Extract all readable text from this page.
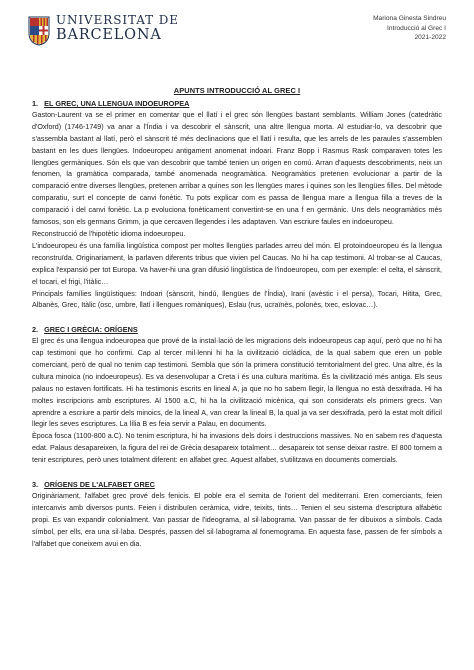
UNIVERSITAT DE
BARCELONA
Mariona Ginesta Sindreu
Introducció al Grec I
2021-2022
APUNTS INTRODUCCIÓ AL GREC I
1. EL GREC, UNA LLENGUA INDOEUROPEA

Gaston-Laurent va se el primer en comentar que el llatí i el grec són llengües bastant semblants. William Jones (catedràtic d'Oxford) (1746-1749) va anar a l'Índia i va descobrir el sànscrit, una altre llengua morta. Al estudiar-lo, va descobrir que s'assembla bastant al llatí, però el sànscrit té més declinacions que el llatí i resulta, que les arrels de les paraules s'assemblen bastant en les dues llengües. Indoeuropeu antigament anomenat indoari. Franz Bopp i Rasmus Rask comparaven totes les llengües germàniques. Són els que van descobrir que també tenien un origen en comú. Arran d'aquests descobriments, neix un fenomen, la gramàtica comparada, també anomenada neogramàtica. Neogramàtics pretenen evolucionar a partir de la comparació entre diverses llengües, pretenen arribar a quines son les llengües mares i quines son les llengües filles. Del mètode comparatiu, surt el concepte de canvi fonètic. Tu pots explicar com es passa de llengua mare a llengua filla a treves de la comparació i del canvi fonètic. La p evoluciona fonèticament convertint-se en una f en germànic. Uns dels neogramàtics més famosos, son els germans Grimm, ja que cercaven llegendes i les adaptaven. Van escriure faules en indoeuropeu.

Reconstrucció de l'hipotètic idioma indoeuropeu.

L'indoeuropeu és una família lingüística compost per moltes llengües parlades arreu del món. El protoindoeuropeu és la llengua reconstruïda. Originariament, la parlaven diferents tribus que vivien pel Caucas. No hi ha cap testimoni. Al trobar-se al Caucas, explica l'expansió per tot Europa. Va haver-hi una gran difusió lingüística de l'indoeuropeu, com per exemple: el celta, el sànscrit, el tocari, el frigi, l'itàlic…

Principals famílies lingüístiques: Indoari (sànscrit, hindú, llengües de l'Índia), Irani (avèstic i el persa), Tocari, Hitita, Grec, Albanès, Grec, Itàlic (osc, umbre, llatí i llengues romàniques), Eslau (rus, ucraïnès, polonès, txec, eslovac…).

2. GREC I GRÈCIA: ORÍGENS

El grec és una llengua indoeuropea que prové de la instal·lació de les migracions dels indoeuropeus cap aquí, però que no hi ha cap testimoni que ho confirmi. Cap al tercer mil·lenni hi ha la civilització cicládica, de la qual sabem que eren un poble comerciant, però de qual no tenim cap testimoni. Sembla que són la primera constitució territorialment del grec. Una altre, és la cultura minoica (no indoeuropeus). Es va desenvolupar a Creta i és una cultura marítima. És la civilització més antiga. Els seus palaus no estaven fortificats. Hi ha testimonis escrits en lineal A, ja que no ho sabem llegir, la llengua no està desxifrada. Hi ha moltes inscripcions amb escriptures. Al 1500 a.C, hi ha la civilització micènica, qui son considerats els primers grecs. Van aprendre a escriure a partir dels minoics, de la lineal A, van crear la lineal B, la qual ja va ser desxifrada, però la estat molt difícil llegir les seves escriptures. La lília B es feia servir a Palau, en documents.

Època fosca (1100-800 a.C). No tenim escriptura, hi ha invasions dels doirs i destruccions massives. No en sabem res d'aquesta edat. Palaus desapareixen, la figura del rei de Grècia desapareix totalment… desapareix tot sense deixar rastre. El 800 tornem a tenir escriptures, però unes totalment diferent: en alfabet grec. Aquest alfabet, s'utilitzava en documents comercials.

3. ORÍGENS DE L'ALFABET GREC

Originàriament, l'alfabet grec prové dels fenicis. El poble era el semita de l'orient del mediterrani. Eren comerciants, feien intercanvis amb diversos punts. Feien i distribuïen ceràmica, vidre, teixits, tints… Tenien el seu sistema d'escriptura alfabètic propi. Es van expandir colonialment. Van passar de l'ideograma, al sil·labograma. Van passar de fer dibuixos a símbols. Cada símbol, per ells, era una sil·laba. Després, passen del sil·labograma al fonemograma. En aquesta fase, passen de fer símbols a l'alfabet que coneixem avui en dia.
